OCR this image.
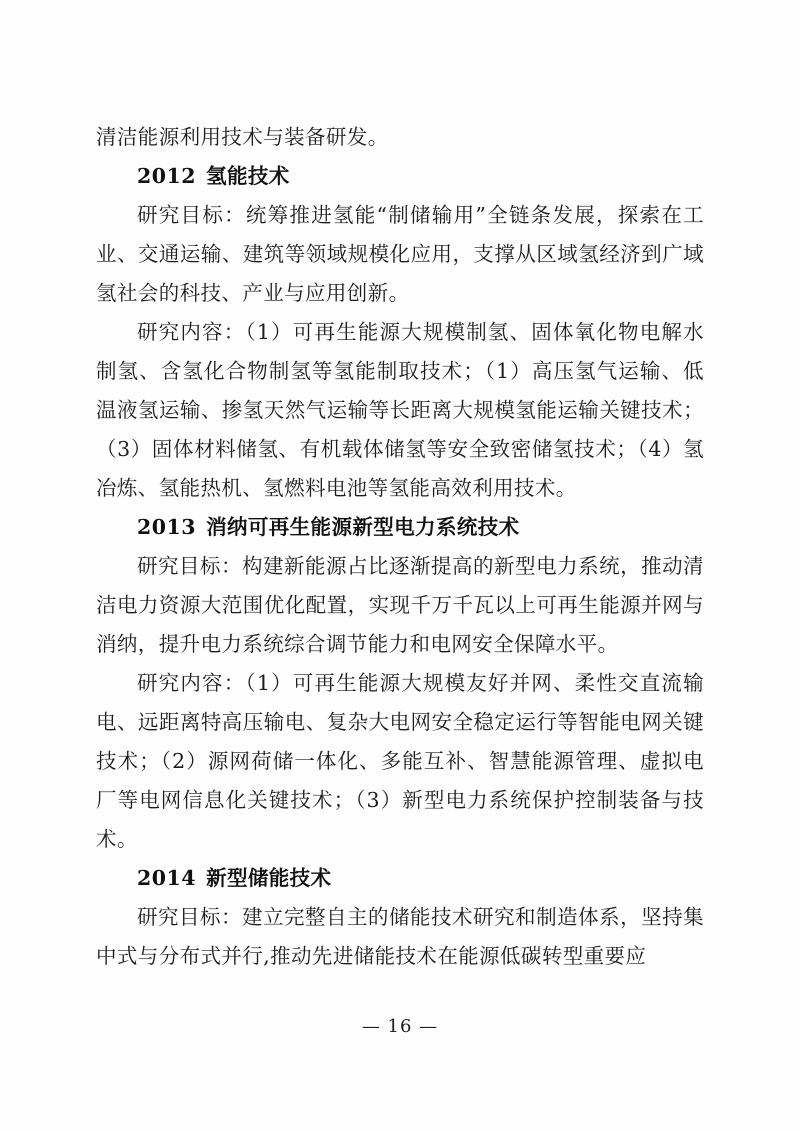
清洁能源利用技术与装备研发。

2012 氢能技术

研究目标：统筹推进氢能“制储输用”全链条发展，探索在工业、交通运输、建筑等领域规模化应用，支撑从区域氢经济到广域氢社会的科技、产业与应用创新。

研究内容：（1）可再生能源大规模制氢、固体氧化物电解水制氢、含氢化合物制氢等氢能制取技术；（1）高压氢气运输、低温液氢运输、掺氢天然气运输等长距离大规模氢能运输关键技术；（3）固体材料储氢、有机载体储氢等安全致密储氢技术；（4）氢冶炼、氢能热机、氢燃料电池等氢能高效利用技术。

2013 消纳可再生能源新型电力系统技术

研究目标：构建新能源占比逐渐提高的新型电力系统，推动清洁电力资源大范围优化配置，实现千万千瓦以上可再生能源并网与消纳，提升电力系统综合调节能力和电网安全保障水平。

研究内容：（1）可再生能源大规模友好并网、柔性交直流输电、远距离特高压输电、复杂大电网安全稳定运行等智能电网关键技术；（2）源网荷储一体化、多能互补、智慧能源管理、虚拟电厂等电网信息化关键技术；（3）新型电力系统保护控制装备与技术。

2014 新型储能技术

研究目标：建立完整自主的储能技术研究和制造体系，坚持集中式与分布式并行,推动先进储能技术在能源低碳转型重要应

— 16 —
